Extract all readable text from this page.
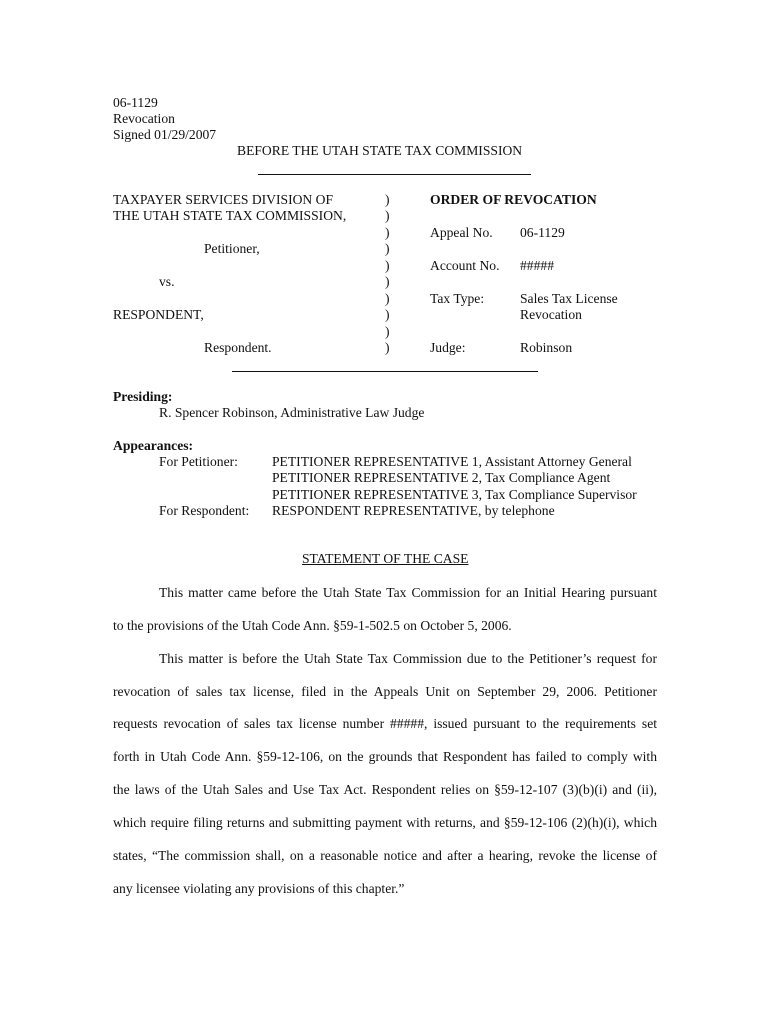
06-1129
Revocation
Signed 01/29/2007
BEFORE THE UTAH STATE TAX COMMISSION
TAXPAYER SERVICES DIVISION OF
THE UTAH STATE TAX COMMISSION,
Petitioner,
vs.
RESPONDENT,
Respondent.
)
)
)
)
)
)
)
)
)
)
ORDER OF REVOCATION
Appeal No. 06-1129
Account No. #####
Tax Type:	Sales Tax License
Revocation
Judge:	Robinson
Presiding:
R. Spencer Robinson, Administrative Law Judge
Appearances:
For Petitioner:	PETITIONER REPRESENTATIVE 1, Assistant Attorney General
PETITIONER REPRESENTATIVE 2, Tax Compliance Agent
PETITIONER REPRESENTATIVE 3, Tax Compliance Supervisor
For Respondent: RESPONDENT REPRESENTATIVE, by telephone
STATEMENT OF THE CASE
This matter came before the Utah State Tax Commission for an Initial Hearing pursuant
to the provisions of the Utah Code Ann. §59-1-502.5 on October 5, 2006.
This matter is before the Utah State Tax Commission due to the Petitioner’s request for
revocation of sales tax license, filed in the Appeals Unit on September 29, 2006. Petitioner
requests revocation of sales tax license number #####, issued pursuant to the requirements set
forth in Utah Code Ann. §59-12-106, on the grounds that Respondent has failed to comply with
the laws of the Utah Sales and Use Tax Act. Respondent relies on §59-12-107 (3)(b)(i) and (ii),
which require filing returns and submitting payment with returns, and §59-12-106 (2)(h)(i), which
states, “The commission shall, on a reasonable notice and after a hearing, revoke the license of
any licensee violating any provisions of this chapter.”
